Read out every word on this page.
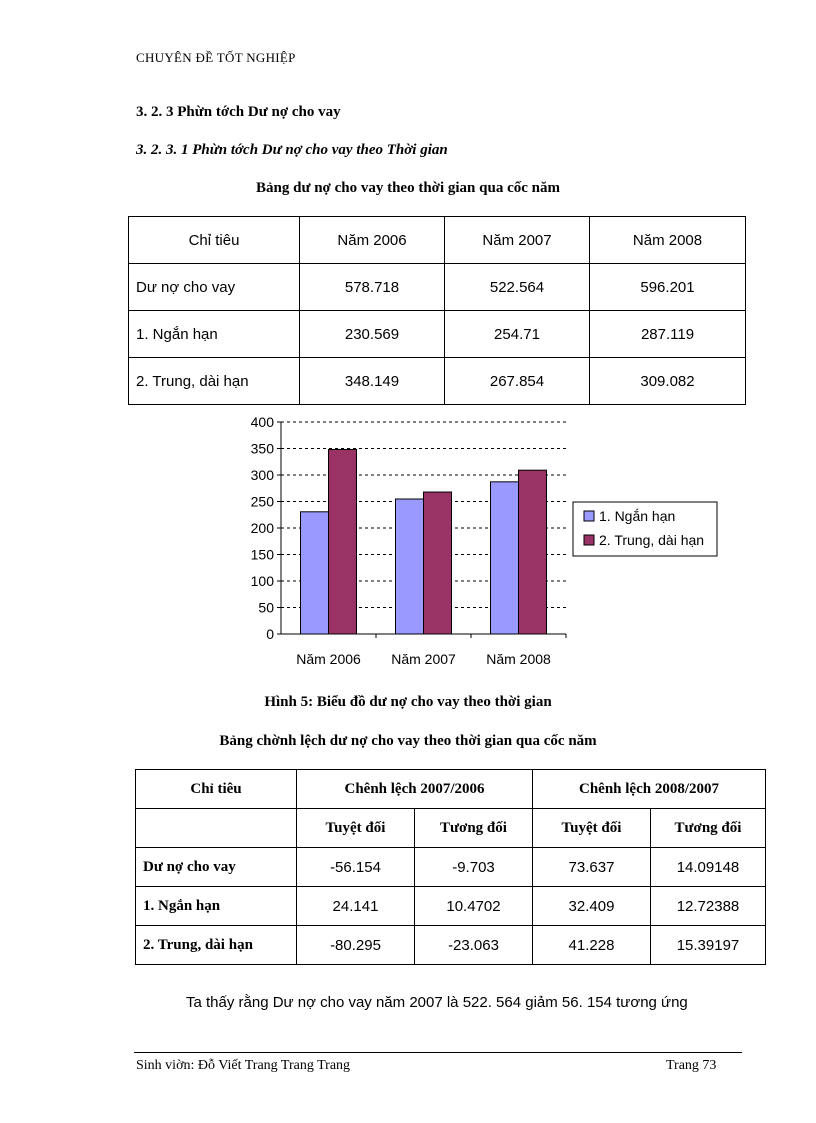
CHUYÊN ĐỀ TỐT NGHIỆP
3. 2. 3 Phừn tớch Dư nợ cho vay
3. 2. 3. 1 Phừn tớch Dư nợ cho vay theo Thời gian
Bảng dư nợ cho vay theo thời gian qua cốc năm
Chỉ tiêu	Năm 2006	Năm 2007	Năm 2008
Dư nợ cho vay	578.718	522.564	596.201
1. Ngắn hạn	230.569	254.71	287.119
2. Trung, dài hạn	348.149	267.854	309.082
0
50
100
150
200
250
300
350
400
Năm 2006 Năm 2007 Năm 2008
1. Ngắn hạn
2. Trung, dài hạn
Hình 5: Biểu đồ dư nợ cho vay theo thời gian
Bảng chờnh lệch dư nợ cho vay theo thời gian qua cốc năm
Chỉ tiêu	Chênh lệch 2007/2006		Chênh lệch 2008/2007	
	Tuyệt đối	Tương đối	Tuyệt đối	Tương đối
Dư nợ cho vay	-56.154	-9.703	73.637	14.09148
1. Ngắn hạn	24.141	10.4702	32.409	12.72388
2. Trung, dài hạn	-80.295	-23.063	41.228	15.39197
Ta thấy rằng Dư nợ cho vay năm 2007 là 522. 564 giảm 56. 154 tương ứng
Sinh viờn: Đỗ Viết Trang Trang Trang	Trang 73
